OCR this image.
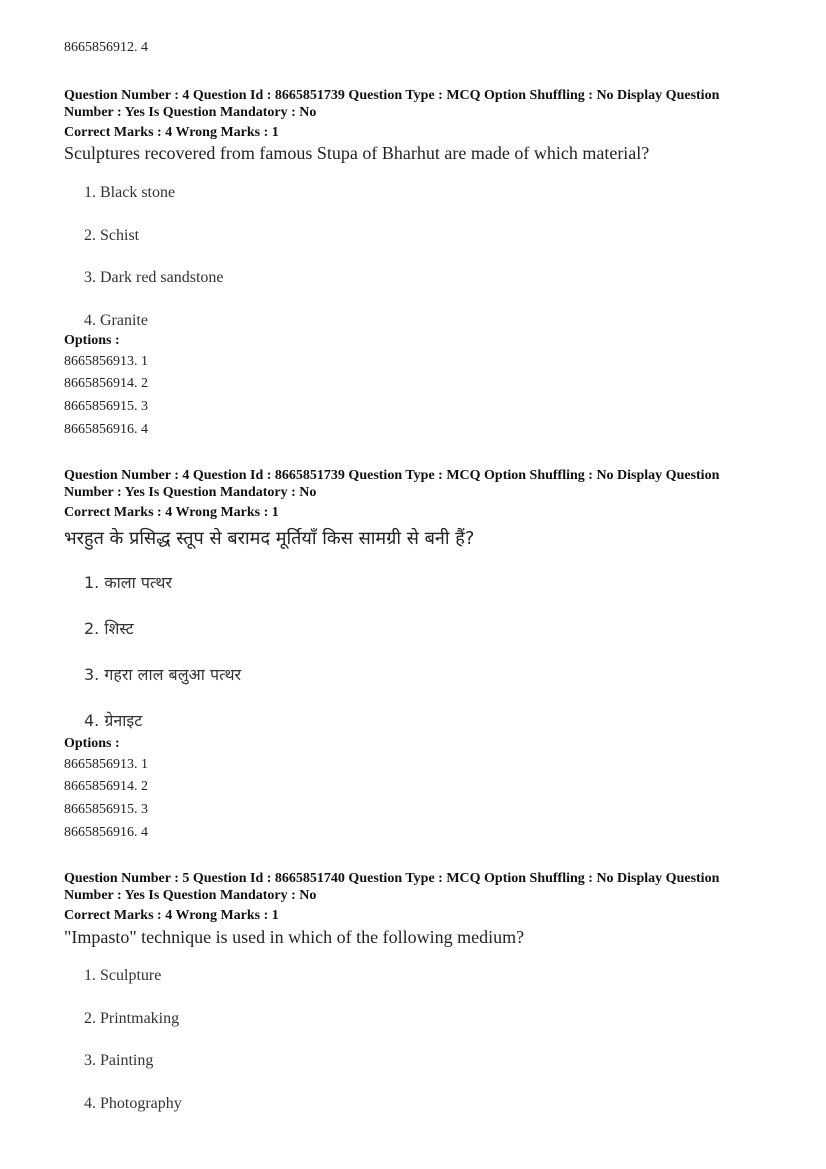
8665856912. 4
Question Number : 4 Question Id : 8665851739 Question Type : MCQ Option Shuffling : No Display Question
Number : Yes Is Question Mandatory : No
Correct Marks : 4 Wrong Marks : 1
Sculptures recovered from famous Stupa of Bharhut are made of which material?
1. Black stone
2. Schist
3. Dark red sandstone
4. Granite
Options :
8665856913. 1
8665856914. 2
8665856915. 3
8665856916. 4
Question Number : 4 Question Id : 8665851739 Question Type : MCQ Option Shuffling : No Display Question
Number : Yes Is Question Mandatory : No
Correct Marks : 4 Wrong Marks : 1
भरहुत के प्रसिद्ध स्तूप से बरामद मूर्तियाँ किस सामग्री से बनी हैं?
1. काला पत्थर
2. शिस्ट
3. गहरा लाल बलुआ पत्थर
4. ग्रेनाइट
Options :
8665856913. 1
8665856914. 2
8665856915. 3
8665856916. 4
Question Number : 5 Question Id : 8665851740 Question Type : MCQ Option Shuffling : No Display Question
Number : Yes Is Question Mandatory : No
Correct Marks : 4 Wrong Marks : 1
"Impasto" technique is used in which of the following medium?
1. Sculpture
2. Printmaking
3. Painting
4. Photography
